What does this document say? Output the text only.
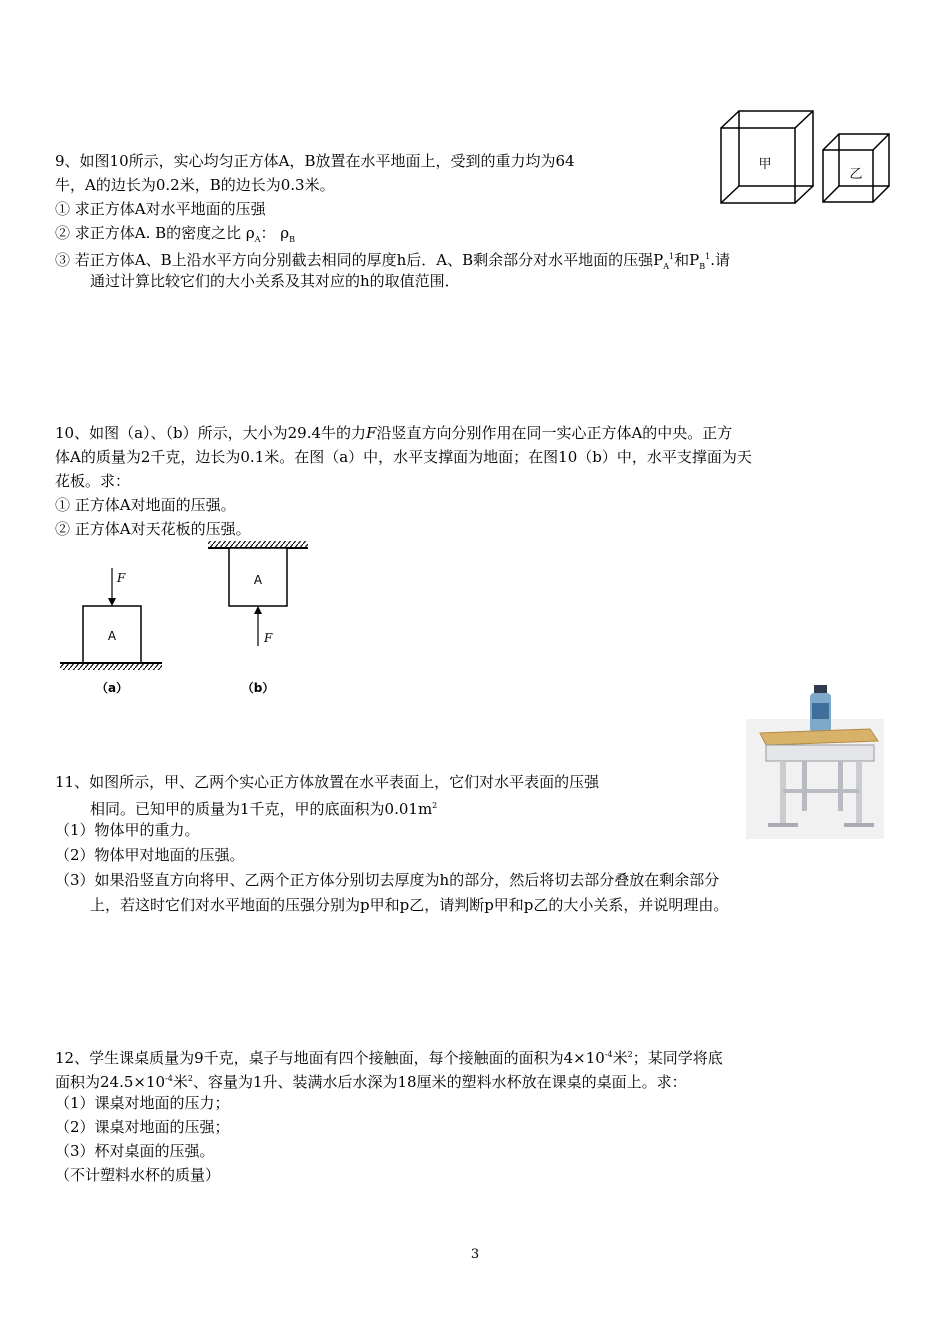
甲
乙
9、如图10所示，实心均匀正方体A，B放置在水平地面上，受到的重力均为64
牛，A的边长为0.2米，B的边长为0.3米。
① 求正方体A对水平地面的压强
② 求正方体A. B的密度之比 $\rho_A$： $\rho_B$
③ 若正方体A、B上沿水平方向分别截去相同的厚度h后．A、B剩余部分对水平地面的压强$P_A^1$和$P_B^1$.请
通过计算比较它们的大小关系及其对应的h的取值范围．
10、如图（a）、（b）所示，大小为29.4牛的力F沿竖直方向分别作用在同一实心正方体A的中央。正方
体A的质量为2千克，边长为0.1米。在图（a）中，水平支撑面为地面；在图10（b）中，水平支撑面为天
花板。求：
① 正方体A对地面的压强。
② 正方体A对天花板的压强。
F
A
（a）
A
F
（b）
11、如图所示，甲、乙两个实心正方体放置在水平表面上，它们对水平表面的压强
相同。已知甲的质量为1千克，甲的底面积为$0.01m^2$
（1）物体甲的重力。
（2）物体甲对地面的压强。
（3）如果沿竖直方向将甲、乙两个正方体分别切去厚度为h的部分，然后将切去部分叠放在剩余部分
上，若这时它们对水平地面的压强分别为p甲和p乙，请判断p甲和p乙的大小关系，并说明理由。
12、学生课桌质量为9千克，桌子与地面有四个接触面，每个接触面的面积为$4\times 10^{-4}$米$^2$；某同学将底
面积为$24.5\times 10^{-4}$米$^2$、容量为1升、装满水后水深为18厘米的塑料水杯放在课桌的桌面上。求：
（1）课桌对地面的压力；
（2）课桌对地面的压强；
（3）杯对桌面的压强。
（不计塑料水杯的质量）
3
